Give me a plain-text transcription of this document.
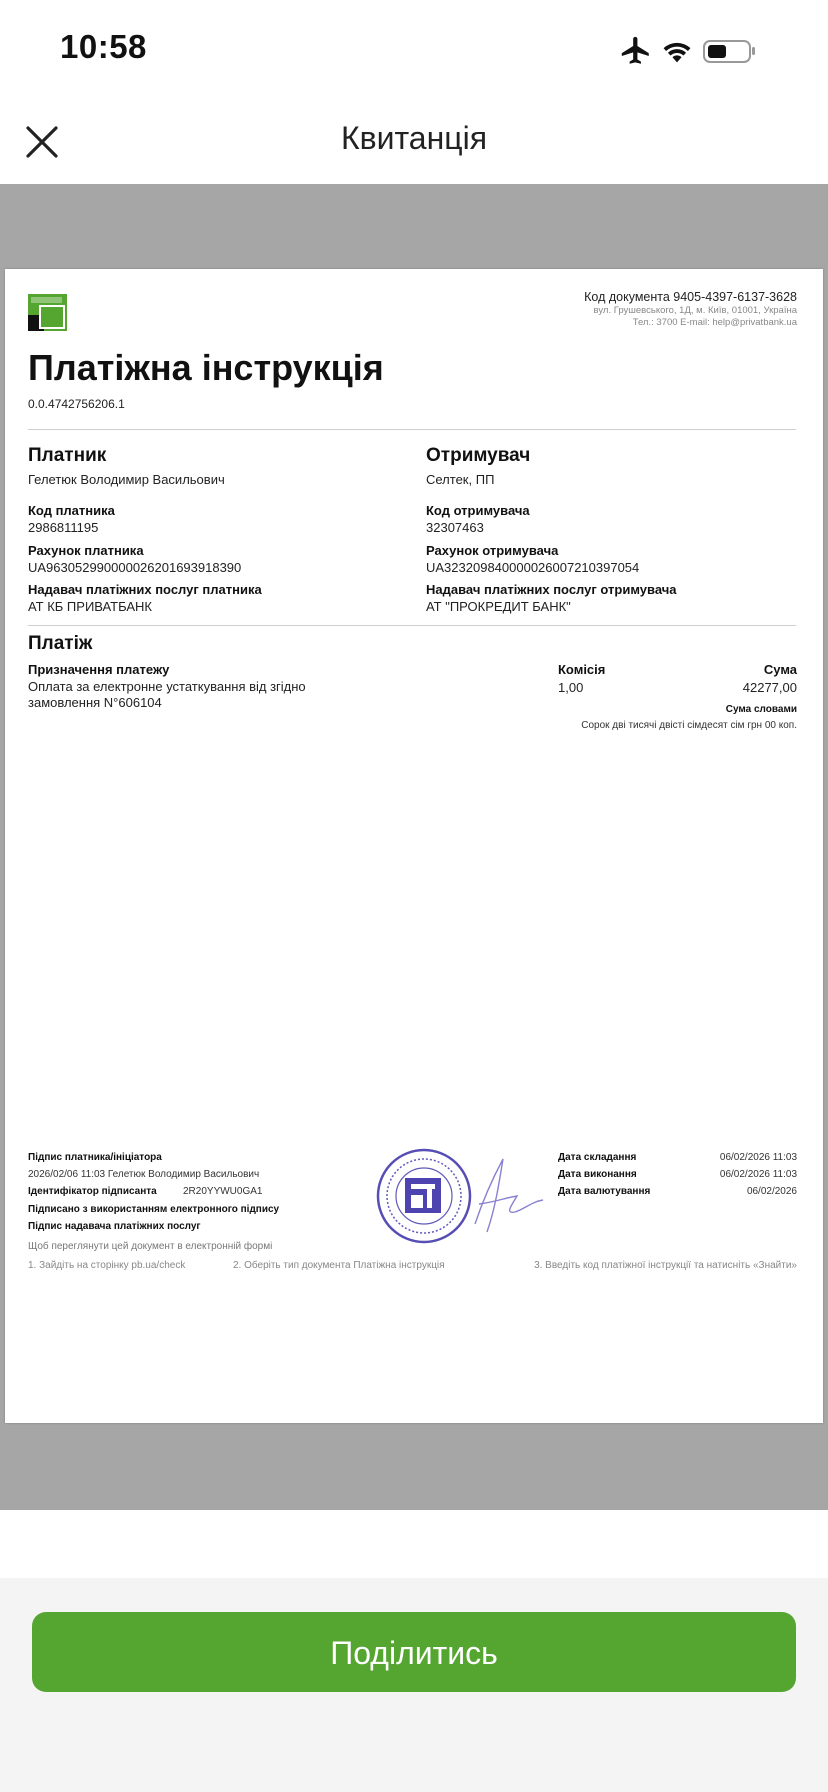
10:58
Квитанція
Код документа 9405-4397-6137-3628
вул. Грушевського, 1Д, м. Київ, 01001, Україна
Тел.: 3700 E-mail: help@privatbank.ua
Платіжна інструкція
0.0.4742756206.1
Платник
Гелетюк Володимир Васильович
Код платника
2986811195
Рахунок платника
UA963052990000026201693918390
Надавач платіжних послуг платника
АТ КБ ПРИВАТБАНК
Отримувач
Селтек, ПП
Код отримувача
32307463
Рахунок отримувача
UA323209840000026007210397054
Надавач платіжних послуг отримувача
АТ "ПРОКРЕДИТ БАНК"
Платіж
Призначення платежу
Оплата за електронне устаткування від згідно
замовлення N°606104
Комісія
1,00
Сума
42277,00
Сума словами
Сорок дві тисячі двісті сімдесят сім грн 00 коп.
Підпис платника/ініціатора
2026/02/06 11:03 Гелетюк Володимир Васильович
Ідентифікатор підписанта	2R20YYWU0GA1
Підписано з використанням електронного підпису
Підпис надавача платіжних послуг
Дата складання	06/02/2026 11:03
Дата виконання	06/02/2026 11:03
Дата валютування	06/02/2026
Щоб переглянути цей документ в електронній формі
1. Зайдіть на сторінку pb.ua/check	2. Оберіть тип документа Платіжна інструкція	3. Введіть код платіжної інструкції та натисніть «Знайти»
Поділитись
